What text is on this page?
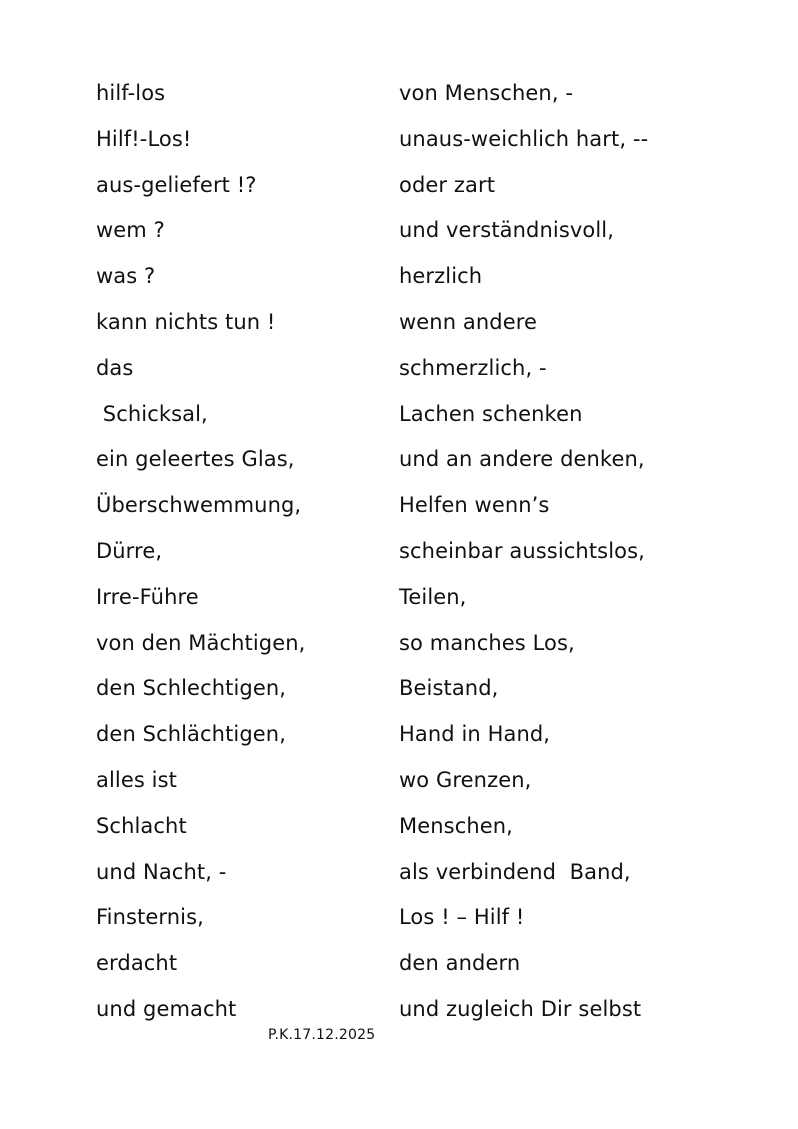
hilf-los
Hilf!-Los!
aus-geliefert !?
wem ?
was ?
kann nichts tun !
das
Schicksal,
ein geleertes Glas,
Überschwemmung,
Dürre,
Irre-Führe
von den Mächtigen,
den Schlechtigen,
den Schlächtigen,
alles ist
Schlacht
und Nacht, -
Finsternis,
erdacht
und gemacht
von Menschen, -
unaus-weichlich hart, --
oder zart
und verständnisvoll,
herzlich
wenn andere
schmerzlich, -
Lachen schenken
und an andere denken,
Helfen wenn’s
scheinbar aussichtslos,
Teilen,
so manches Los,
Beistand,
Hand in Hand,
wo Grenzen,
Menschen,
als verbindend  Band,
Los ! – Hilf !
den andern
und zugleich Dir selbst
P.K.17.12.2025
